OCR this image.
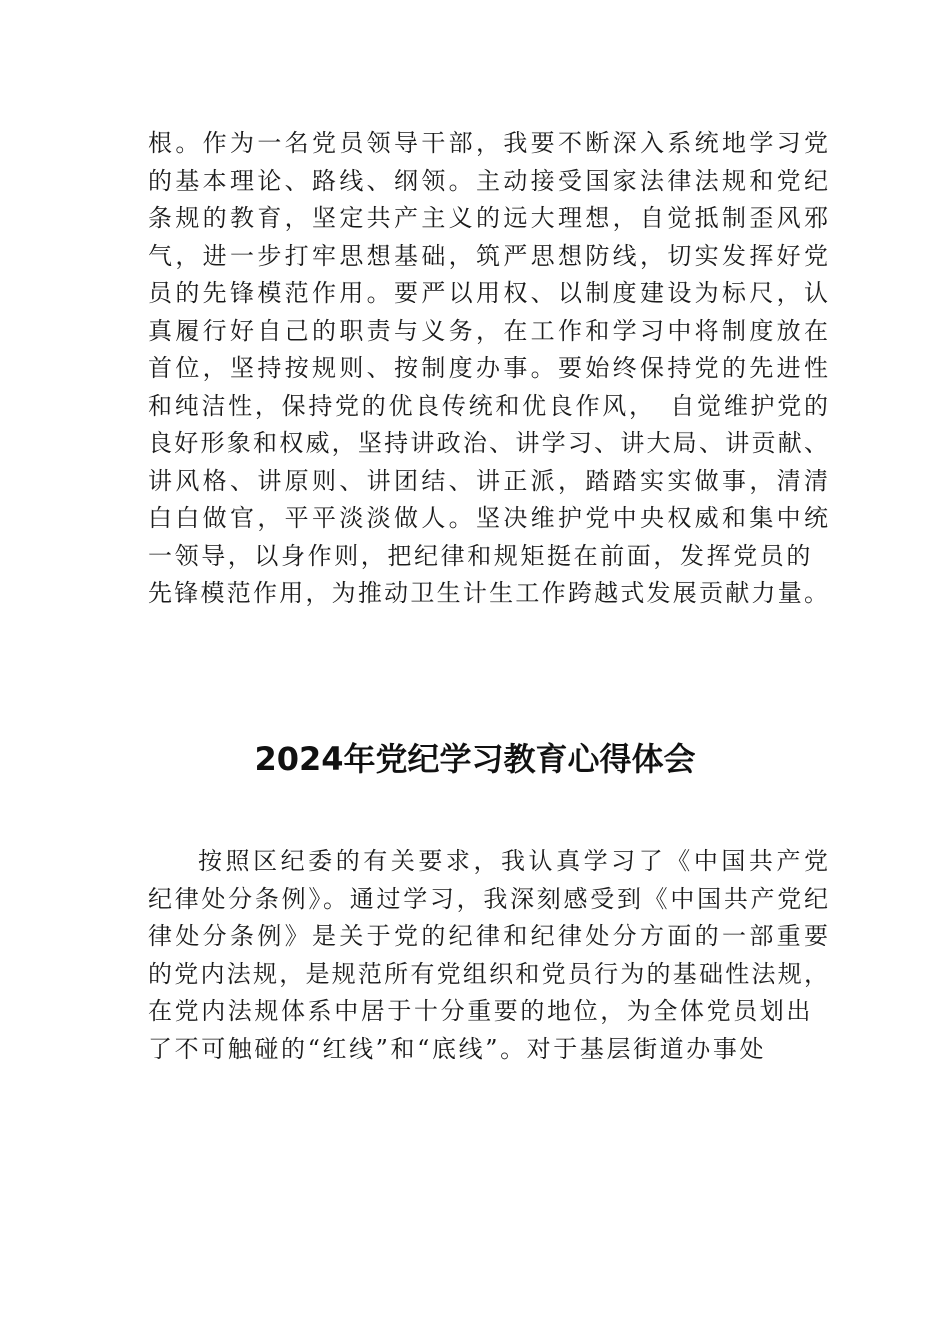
根。作为一名党员领导干部，我要不断深入系统地学习党
的基本理论、路线、纲领。主动接受国家法律法规和党纪
条规的教育，坚定共产主义的远大理想，自觉抵制歪风邪
气，进一步打牢思想基础，筑严思想防线，切实发挥好党
员的先锋模范作用。要严以用权、以制度建设为标尺，认
真履行好自己的职责与义务，在工作和学习中将制度放在
首位，坚持按规则、按制度办事。要始终保持党的先进性
和纯洁性，保持党的优良传统和优良作风，　自觉维护党的
良好形象和权威，坚持讲政治、讲学习、讲大局、讲贡献、
讲风格、讲原则、讲团结、讲正派，踏踏实实做事，清清
白白做官，平平淡淡做人。坚决维护党中央权威和集中统
一领导，以身作则，把纪律和规矩挺在前面，发挥党员的
先锋模范作用，为推动卫生计生工作跨越式发展贡献力量。
2024年党纪学习教育心得体会
按照区纪委的有关要求，我认真学习了《中国共产党
纪律处分条例》。通过学习，我深刻感受到《中国共产党纪
律处分条例》是关于党的纪律和纪律处分方面的一部重要
的党内法规，是规范所有党组织和党员行为的基础性法规，
在党内法规体系中居于十分重要的地位，为全体党员划出
了不可触碰的“红线”和“底线”。对于基层街道办事处
